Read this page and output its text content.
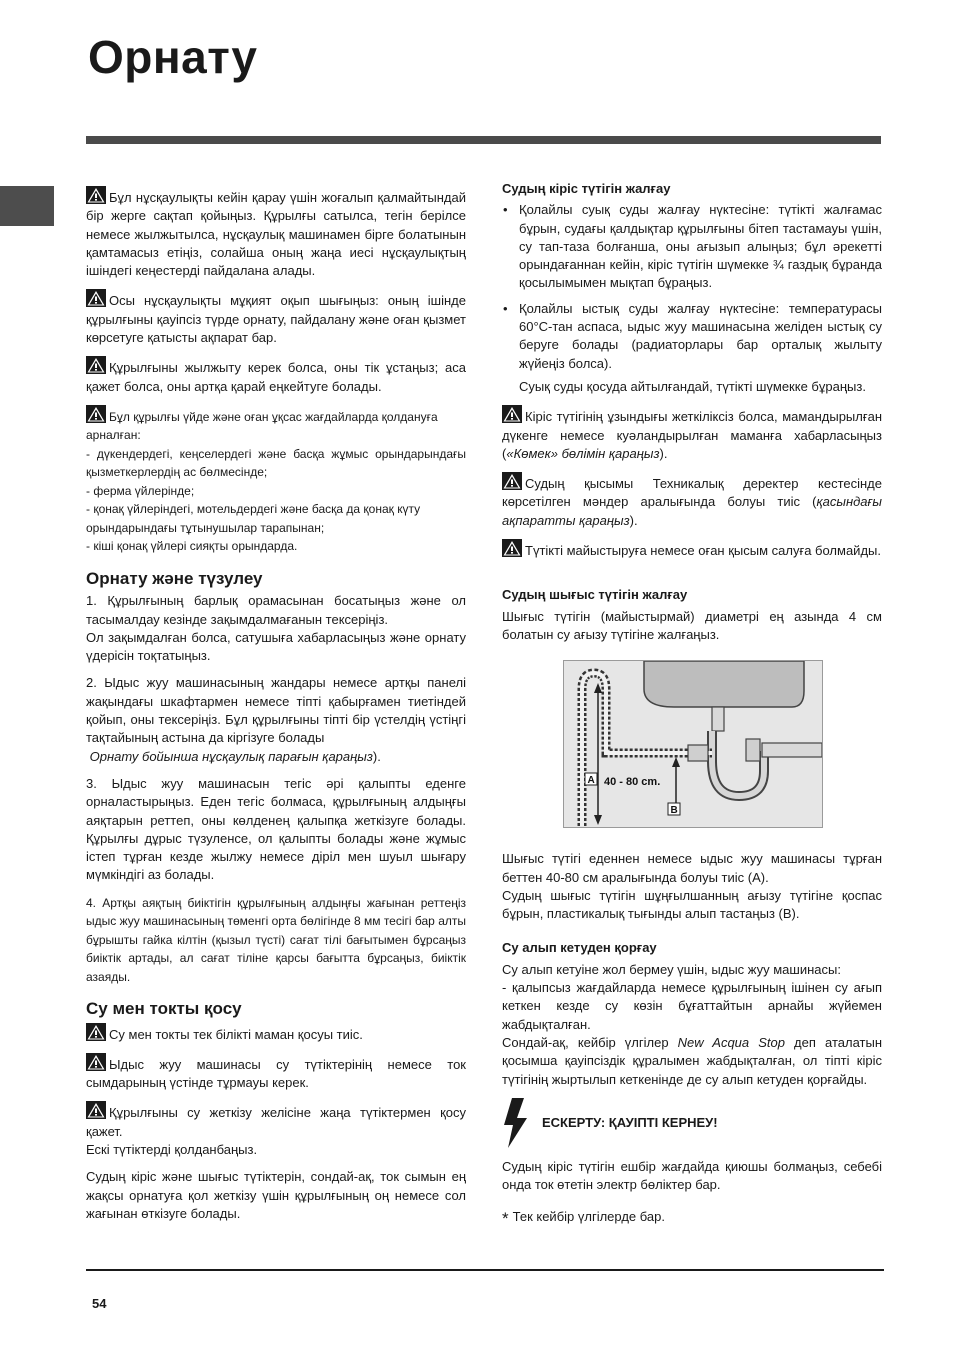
Орнату

Бұл нұсқаулықты кейін қарау үшін жоғалып қалмайтындай бір жерге сақтап қойыңыз. Құрылғы сатылса, тегін берілсе немесе жылжытылса, нұсқаулық машинамен бірге болатынын қамтамасыз етіңіз, солайша оның жаңа иесі нұсқаулықтың ішіндегі кеңестерді пайдалана алады.

Осы нұсқаулықты мұқият оқып шығыңыз: оның ішінде құрылғыны қауіпсіз түрде орнату, пайдалану және оған қызмет көрсетуге қатысты ақпарат бар.

Құрылғыны жылжыту керек болса, оны тік ұстаңыз; аса қажет болса, оны артқа қарай еңкейтуге болады.

Бұл құрылғы үйде және оған ұқсас жағдайларда қолдануға арналған:
- дүкендердегі, кеңселердегі және басқа жұмыс орындарындағы қызметкерлердің ас бөлмесінде;
- ферма үйлерінде;
- қонақ үйлеріндегі, мотельдердегі және басқа да қонақ күту орындарындағы тұтынушылар тарапынан;
- кіші қонақ үйлері сияқты орындарда.
Орнату және түзулеу

1. Құрылғының барлық орамасынан босатыңыз және ол тасымалдау кезінде зақымдалмағанын тексеріңіз.

Ол зақымдалған болса, сатушыға хабарласыңыз және орнату үдерісін тоқтатыңыз.

2. Ыдыс жуу машинасының жандары немесе артқы панелі жақындағы шкафтармен немесе тіпті қабырғамен тиетіндей қойып, оны тексеріңіз. Бұл құрылғыны тіпті бір үстелдің үстіңгі тақтайының астына да кіргізуге болады
Орнату бойынша нұсқаулық парағын қараңыз).

3. Ыдыс жуу машинасын тегіс әрі қалыпты еденге орналастырыңыз. Еден тегіс болмаса, құрылғының алдыңғы аяқтарын реттеп, оны көлденең қалыпқа жеткізуге болады. Құрылғы дұрыс түзуленсе, ол қалыпты болады және жұмыс істеп тұрған кезде жылжу немесе діріл мен шуыл шығару мүмкіндігі аз болады.

4. Артқы аяқтың биіктігін құрылғының алдыңғы жағынан реттеңіз ыдыс жуу машинасының төменгі орта бөлігінде 8 мм тесігі бар алты бұрышты гайка кілтін (қызыл түсті) сағат тілі бағытымен бұрсаңыз биіктік артады, ал сағат тіліне қарсы бағытта бұрсаңыз, биіктік азаяды.

Су мен токты қосу

Су мен токты тек білікті маман қосуы тиіс.

Ыдыс жуу машинасы су түтіктерінің немесе ток сымдарының үстінде тұрмауы керек.

Құрылғыны су жеткізу желісіне жаңа түтіктермен қосу қажет.

Ескі түтіктерді қолданбаңыз.

Судың кіріс және шығыс түтіктерін, сондай-ақ, ток сымын ең жақсы орнатуға қол жеткізу үшін құрылғының оң немесе сол жағынан өткізуге болады.

Судың кіріс түтігін жалғау
• Қолайлы суық суды жалғау нүктесіне: түтікті жалғамас бұрын, судағы қалдықтар құрылғыны бітеп тастамауы үшін, су тап-таза болғанша, оны ағызып алыңыз; бұл әрекетті орындағаннан кейін, кіріс түтігін шүмекке ¾ газдық бұранда қосылымымен мықтап бұраңыз.
• Қолайлы ыстық суды жалғау нүктесіне: температурасы 60°C-тан аспаса, ыдыс жуу машинасына желіден ыстық су беруге болады (радиаторлары бар орталық жылыту жүйеңіз болса).

Суық суды қосуда айтылғандай, түтікті шүмекке бұраңыз.

Кіріс түтігінің ұзындығы жеткіліксіз болса, мамандырылған дүкенге немесе куәландырылған маманға хабарласыңыз («Көмек» бөлімін қараңыз).

Судың қысымы Техникалық деректер кестесінде көрсетілген мәндер аралығында болуы тиіс (қасындағы ақпаратты қараңыз).

Түтікті майыстыруға немесе оған қысым салуға болмайды.

Судың шығыс түтігін жалғау

Шығыс түтігін (майыстырмай) диаметрі ең азында 4 см болатын су ағызу түтігіне жалғаңыз.

A 40 - 80 cm.
B

Шығыс түтігі еденнен немесе ыдыс жуу машинасы тұрған беттен 40-80 см аралығында болуы тиіс (A).

Судың шығыс түтігін шұңғылшанның ағызу түтігіне қоспас бұрын, пластикалық тығынды алып тастаңыз (B).

Су алып кетуден қорғау

Су алып кетуіне жол бермеу үшін, ыдыс жуу машинасы:

- қалыпсыз жағдайларда немесе құрылғының ішінен су ағып кеткен кезде су көзін бұғаттайтын арнайы жүйемен жабдықталған.

Сондай-ақ, кейбір үлгілер New Acqua Stop деп аталатын қосымша қауіпсіздік құралымен жабдықталған, ол тіпті кіріс түтігінің жыртылып кеткенінде де су алып кетуден қорғайды.

ЕСКЕРТУ: ҚАУІПТІ КЕРНЕУ!

Судың кіріс түтігін ешбір жағдайда қиюшы болмаңыз, себебі онда ток өтетін электр бөліктер бар.

* Тек кейбір үлгілерде бар.
54
